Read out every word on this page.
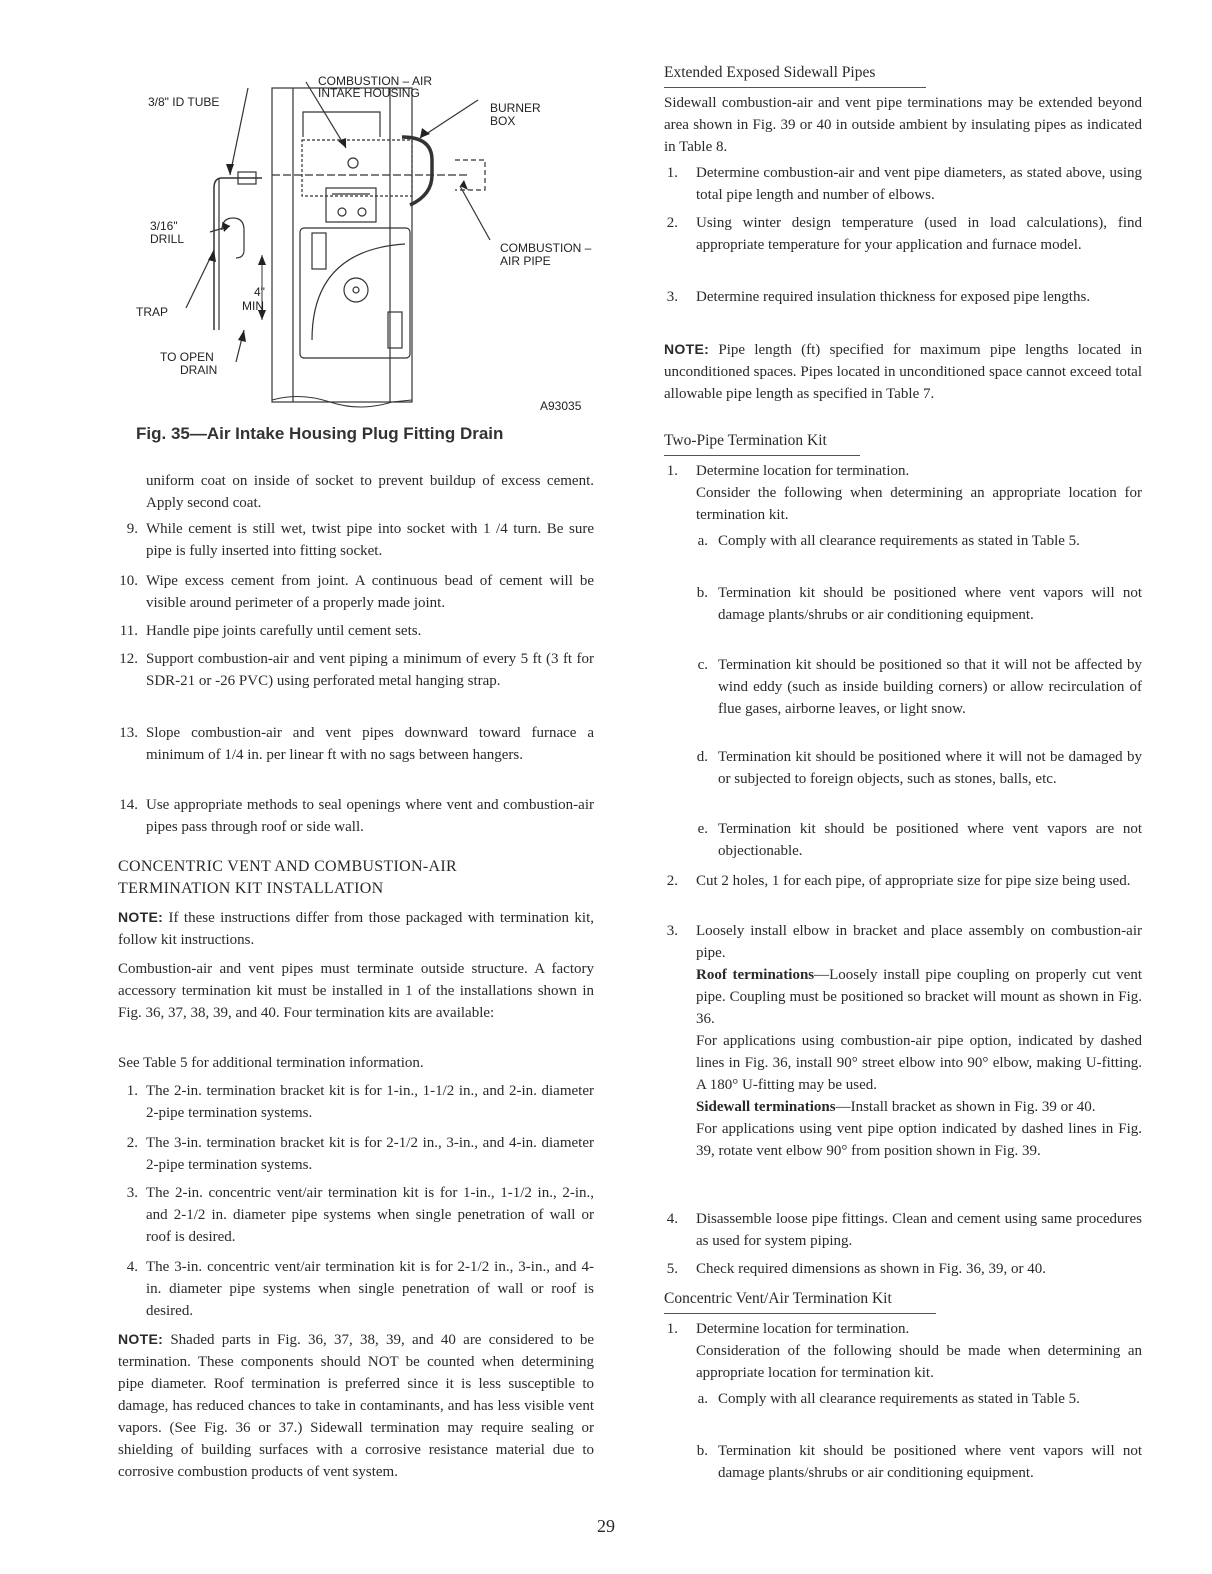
3/8" ID TUBE
COMBUSTION – AIR
INTAKE HOUSING
BURNER
BOX
3/16"
DRILL
COMBUSTION –
AIR PIPE
4"
MIN
TRAP
TO OPEN
DRAIN
A93035
Fig. 35—Air Intake Housing Plug Fitting Drain

uniform coat on inside of socket to prevent buildup of excess cement. Apply second coat.

9. While cement is still wet, twist pipe into socket with 1 /4 turn. Be sure pipe is fully inserted into fitting socket.

10. Wipe excess cement from joint. A continuous bead of cement will be visible around perimeter of a properly made joint.

11. Handle pipe joints carefully until cement sets.

12. Support combustion-air and vent piping a minimum of every 5 ft (3 ft for SDR-21 or -26 PVC) using perforated metal hanging strap.

13. Slope combustion-air and vent pipes downward toward furnace a minimum of 1/4 in. per linear ft with no sags between hangers.

14. Use appropriate methods to seal openings where vent and combustion-air pipes pass through roof or side wall.

CONCENTRIC VENT AND COMBUSTION-AIR
TERMINATION KIT INSTALLATION

NOTE: If these instructions differ from those packaged with termination kit, follow kit instructions.

Combustion-air and vent pipes must terminate outside structure. A factory accessory termination kit must be installed in 1 of the installations shown in Fig. 36, 37, 38, 39, and 40. Four termination kits are available:

See Table 5 for additional termination information.

1. The 2-in. termination bracket kit is for 1-in., 1-1/2 in., and 2-in. diameter 2-pipe termination systems.

2. The 3-in. termination bracket kit is for 2-1/2 in., 3-in., and 4-in. diameter 2-pipe termination systems.

3. The 2-in. concentric vent/air termination kit is for 1-in., 1-1/2 in., 2-in., and 2-1/2 in. diameter pipe systems when single penetration of wall or roof is desired.

4. The 3-in. concentric vent/air termination kit is for 2-1/2 in., 3-in., and 4-in. diameter pipe systems when single penetration of wall or roof is desired.

NOTE: Shaded parts in Fig. 36, 37, 38, 39, and 40 are considered to be termination. These components should NOT be counted when determining pipe diameter. Roof termination is preferred since it is less susceptible to damage, has reduced chances to take in contaminants, and has less visible vent vapors. (See Fig. 36 or 37.) Sidewall termination may require sealing or shielding of building surfaces with a corrosive resistance material due to corrosive combustion products of vent system.

Extended Exposed Sidewall Pipes

Sidewall combustion-air and vent pipe terminations may be extended beyond area shown in Fig. 39 or 40 in outside ambient by insulating pipes as indicated in Table 8.

1. Determine combustion-air and vent pipe diameters, as stated above, using total pipe length and number of elbows.

2. Using winter design temperature (used in load calculations), find appropriate temperature for your application and furnace model.

3. Determine required insulation thickness for exposed pipe lengths.

NOTE: Pipe length (ft) specified for maximum pipe lengths located in unconditioned spaces. Pipes located in unconditioned space cannot exceed total allowable pipe length as specified in Table 7.

Two-Pipe Termination Kit
1. Determine location for termination.

Consider the following when determining an appropriate location for termination kit.

a. Comply with all clearance requirements as stated in Table 5.

b. Termination kit should be positioned where vent vapors will not damage plants/shrubs or air conditioning equipment.

c. Termination kit should be positioned so that it will not be affected by wind eddy (such as inside building corners) or allow recirculation of flue gases, airborne leaves, or light snow.

d. Termination kit should be positioned where it will not be damaged by or subjected to foreign objects, such as stones, balls, etc.

e. Termination kit should be positioned where vent vapors are not objectionable.

2. Cut 2 holes, 1 for each pipe, of appropriate size for pipe size being used.

3. Loosely install elbow in bracket and place assembly on combustion-air pipe.

Roof terminations—Loosely install pipe coupling on properly cut vent pipe. Coupling must be positioned so bracket will mount as shown in Fig. 36.

For applications using combustion-air pipe option, indicated by dashed lines in Fig. 36, install 90° street elbow into 90° elbow, making U-fitting. A 180° U-fitting may be used.

Sidewall terminations—Install bracket as shown in Fig. 39 or 40.

For applications using vent pipe option indicated by dashed lines in Fig. 39, rotate vent elbow 90° from position shown in Fig. 39.

4. Disassemble loose pipe fittings. Clean and cement using same procedures as used for system piping.

5. Check required dimensions as shown in Fig. 36, 39, or 40.

Concentric Vent/Air Termination Kit
1. Determine location for termination.

Consideration of the following should be made when determining an appropriate location for termination kit.

a. Comply with all clearance requirements as stated in Table 5.

b. Termination kit should be positioned where vent vapors will not damage plants/shrubs or air conditioning equipment.

29
